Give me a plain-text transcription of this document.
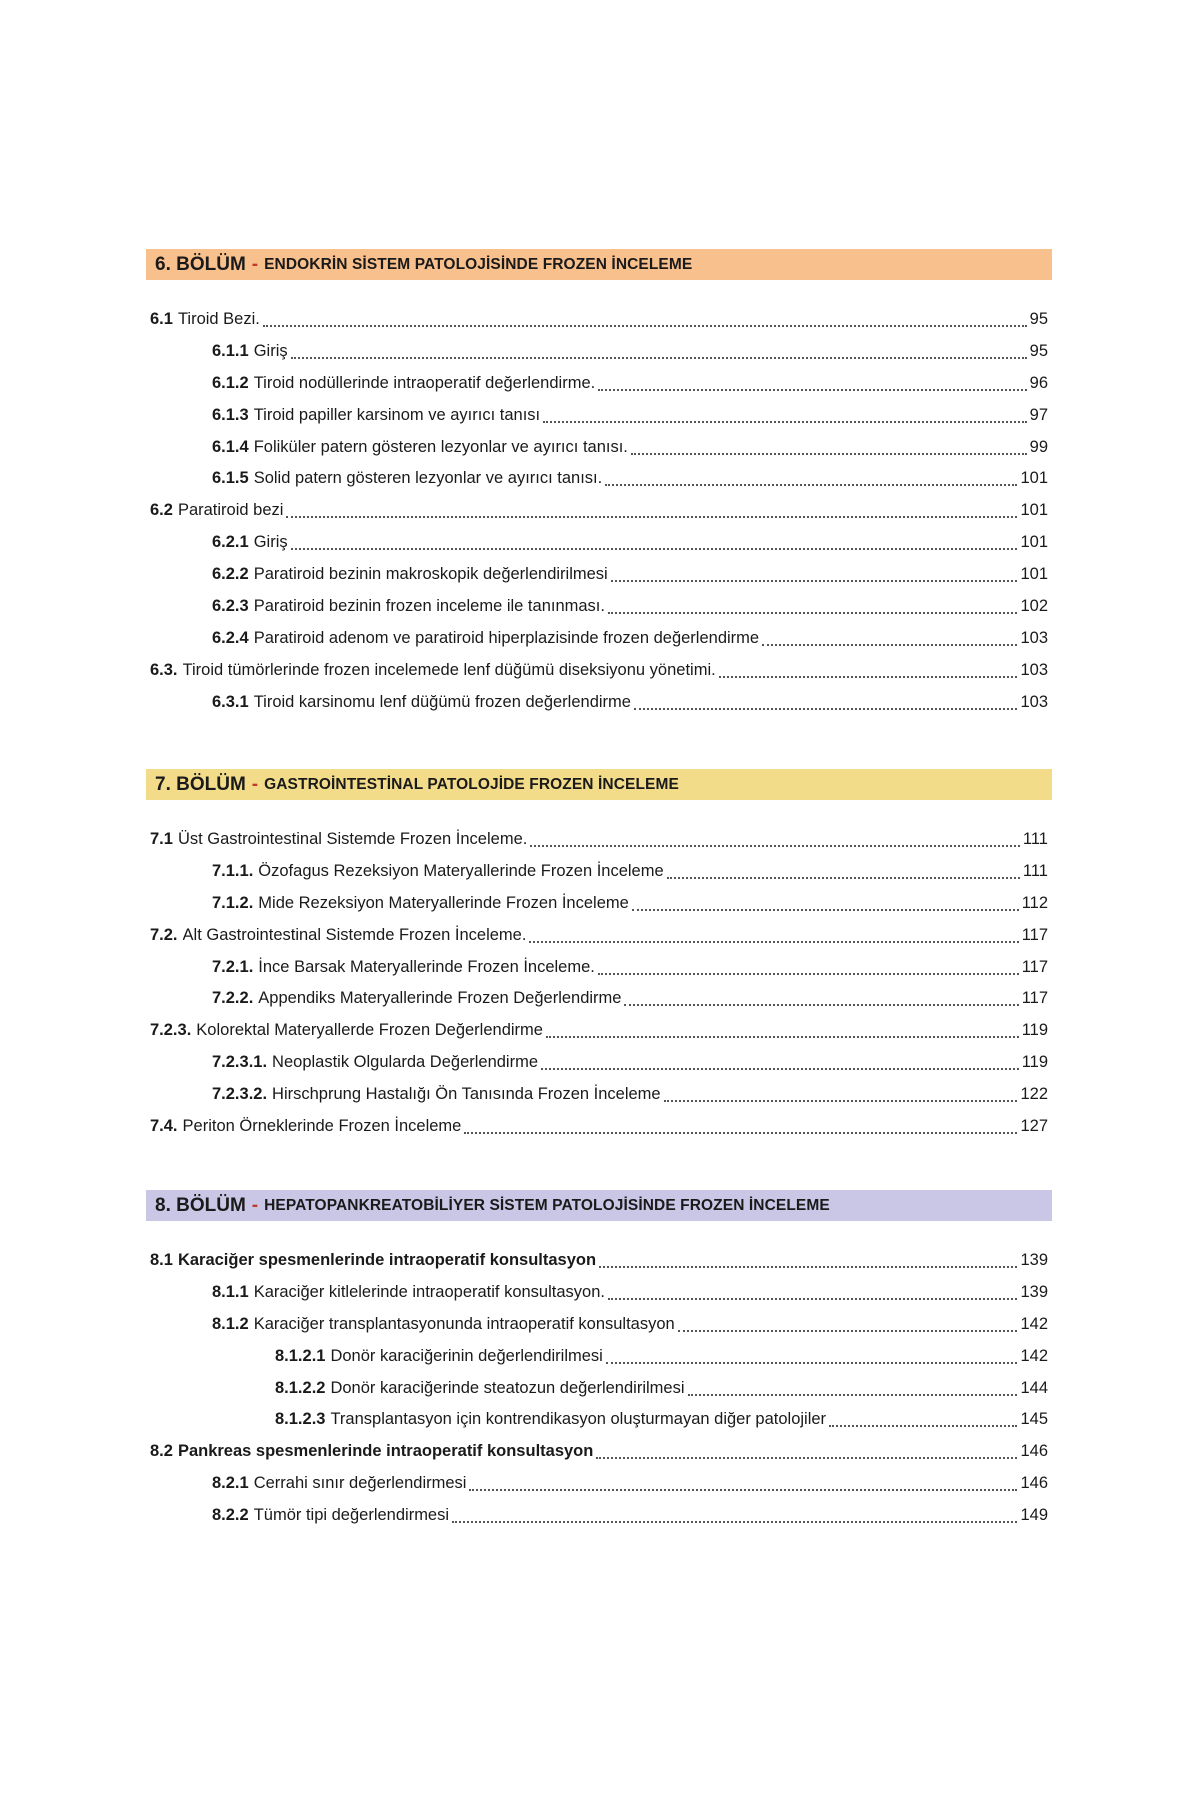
6. BÖLÜM - ENDOKRİN SİSTEM PATOLOJİSİNDE FROZEN İNCELEME
6.1 Tiroid Bezi.	95
6.1.1 Giriş	95
6.1.2 Tiroid nodüllerinde intraoperatif değerlendirme.	96
6.1.3 Tiroid papiller karsinom ve ayırıcı tanısı	97
6.1.4 Foliküler patern gösteren lezyonlar ve ayırıcı tanısı.	99
6.1.5 Solid patern gösteren lezyonlar ve ayırıcı tanısı.	101
6.2 Paratiroid bezi	101
6.2.1 Giriş	101
6.2.2 Paratiroid bezinin makroskopik değerlendirilmesi	101
6.2.3 Paratiroid bezinin frozen inceleme ile tanınması.	102
6.2.4 Paratiroid adenom ve paratiroid hiperplazisinde frozen değerlendirme	103
6.3. Tiroid tümörlerinde frozen incelemede lenf düğümü diseksiyonu yönetimi.	103
6.3.1 Tiroid karsinomu lenf düğümü frozen değerlendirme	103
7. BÖLÜM - GASTROİNTESTİNAL PATOLOJİDE FROZEN İNCELEME
7.1 Üst Gastrointestinal Sistemde Frozen İnceleme.	111
7.1.1. Özofagus Rezeksiyon Materyallerinde Frozen İnceleme	111
7.1.2. Mide Rezeksiyon Materyallerinde Frozen İnceleme	112
7.2. Alt Gastrointestinal Sistemde Frozen İnceleme.	117
7.2.1. İnce Barsak Materyallerinde Frozen İnceleme.	117
7.2.2. Appendiks Materyallerinde Frozen Değerlendirme	117
7.2.3. Kolorektal Materyallerde Frozen Değerlendirme	119
7.2.3.1. Neoplastik Olgularda Değerlendirme	119
7.2.3.2. Hirschprung Hastalığı Ön Tanısında Frozen İnceleme	122
7.4. Periton Örneklerinde Frozen İnceleme	127
8. BÖLÜM - HEPATOPANKREATOBİLİYER SİSTEM PATOLOJİSİNDE FROZEN İNCELEME
8.1 Karaciğer spesmenlerinde intraoperatif konsultasyon	139
8.1.1 Karaciğer kitlelerinde intraoperatif konsultasyon.	139
8.1.2 Karaciğer transplantasyonunda intraoperatif konsultasyon	142
8.1.2.1 Donör karaciğerinin değerlendirilmesi	142
8.1.2.2 Donör karaciğerinde steatozun değerlendirilmesi	144
8.1.2.3 Transplantasyon için kontrendikasyon oluşturmayan diğer patolojiler	145
8.2 Pankreas spesmenlerinde intraoperatif konsultasyon	146
8.2.1 Cerrahi sınır değerlendirmesi	146
8.2.2 Tümör tipi değerlendirmesi	149
